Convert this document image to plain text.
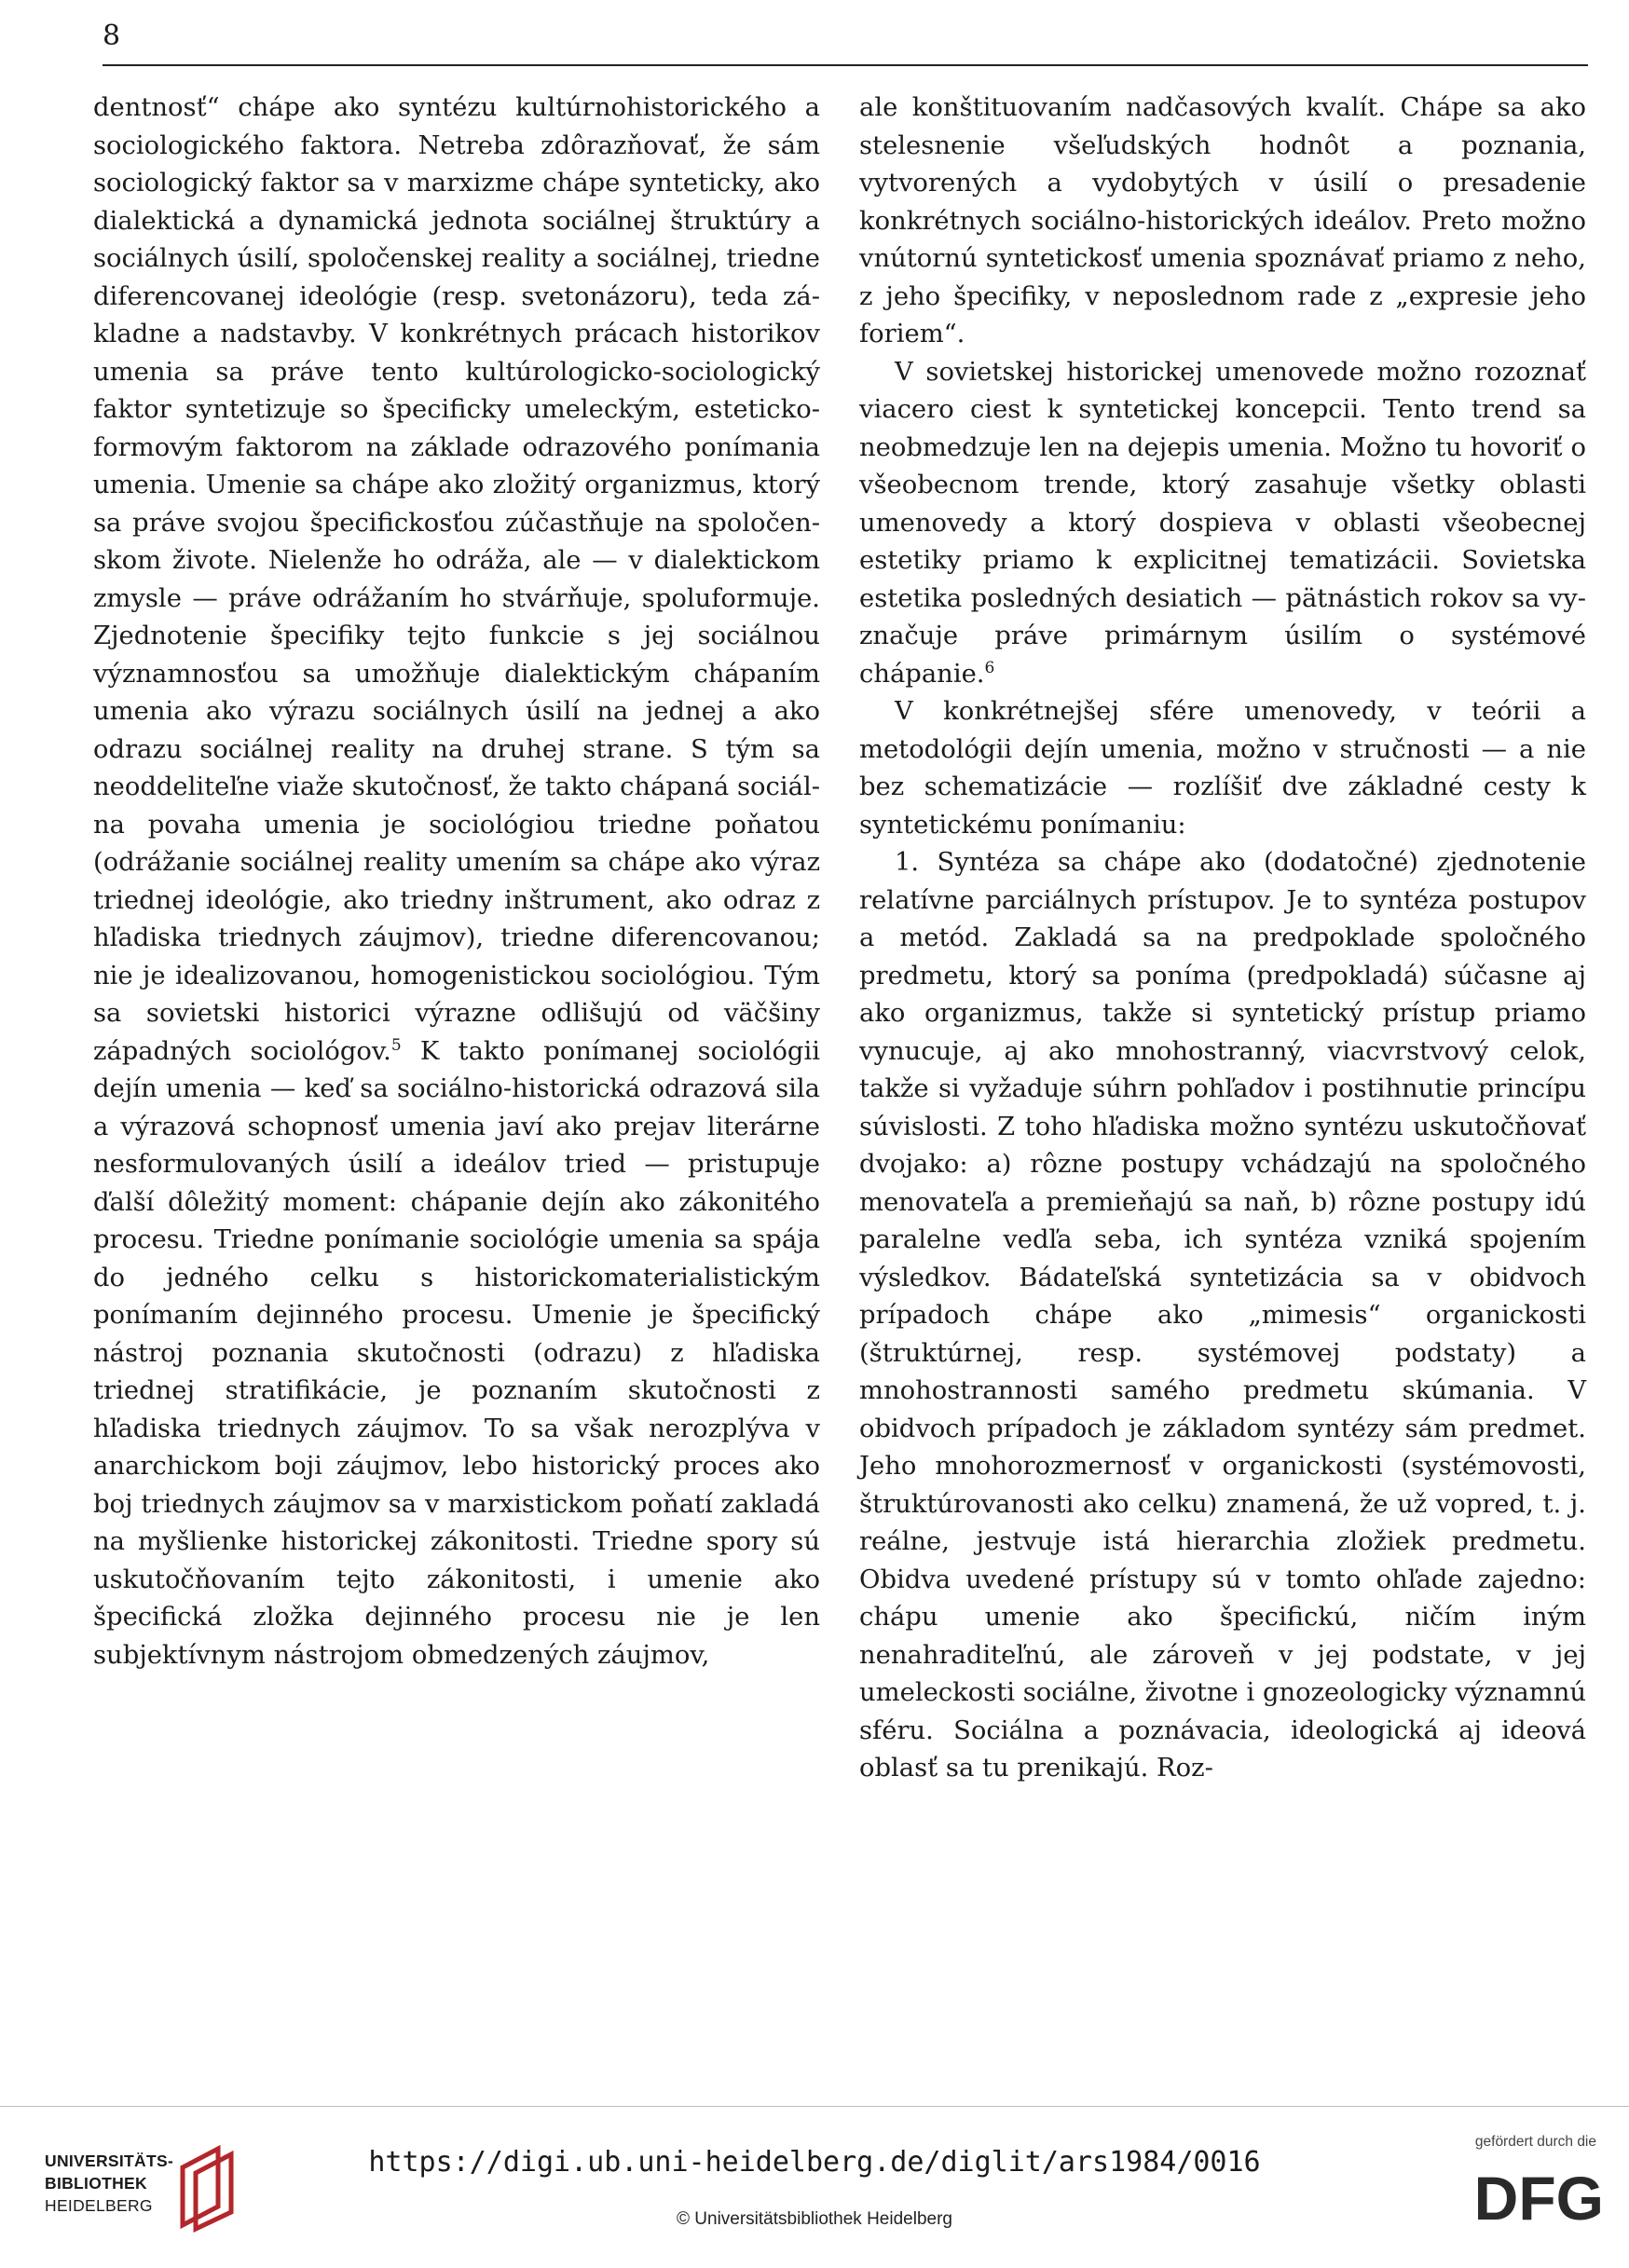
8

dentnosť“ chápe ako syntézu kultúrnohistorického a sociologického faktora. Netreba zdôrazňovať, že sám sociologický faktor sa v marxizme chápe synteticky, ako dialektická a dynamická jednota sociálnej štruktúry a sociálnych úsilí, spoločenskej reality a sociálnej, triedne diferencovanej ideológie (resp. svetonázoru), teda základne a nadstavby. V konkrétnych prácach historikov umenia sa práve tento kultúrologicko-sociologický faktor syntetizuje so špecificky umeleckým, esteticko-formovým faktorom na základe odrazového ponímania umenia. Umenie sa chápe ako zložitý organizmus, ktorý sa práve svojou špecifickosťou zúčastňuje na spoločenskom živote. Nielenže ho odráža, ale — v dialektickom zmysle — práve odrážaním ho stvárňuje, spoluformuje. Zjednotenie špecifiky tejto funkcie s jej sociálnou významnosťou sa umožňuje dialektickým chápaním umenia ako výrazu sociálnych úsilí na jednej a ako odrazu sociálnej reality na druhej strane. S tým sa neoddeliteľne viaže skutočnosť, že takto chápaná sociálna povaha umenia je sociológiou triedne poňatou (odrážanie sociálnej reality umením sa chápe ako výraz triednej ideológie, ako triedny inštrument, ako odraz z hľadiska triednych záujmov), triedne diferencovanou; nie je idealizovanou, homogenistickou sociológiou. Tým sa sovietski historici výrazne odlišujú od väčšiny západných sociológov.$^5$ K takto ponímanej sociológii dejín umenia — keď sa sociálno-historická odrazová sila a výrazová schopnosť umenia javí ako prejav literárne nesformulovaných úsilí a ideálov tried — pristupuje ďalší dôležitý moment: chápanie dejín ako zákonitého procesu. Triedne ponímanie sociológie umenia sa spája do jedného celku s historickomaterialistickým ponímaním dejinného procesu. Umenie je špecifický nástroj poznania skutočnosti (odrazu) z hľadiska triednej stratifikácie, je poznaním skutočnosti z hľadiska triednych záujmov. To sa však nerozplýva v anarchickom boji záujmov, lebo historický proces ako boj triednych záujmov sa v marxistickom poňatí zakladá na myšlienke historickej zákonitosti. Triedne spory sú uskutočňovaním tejto zákonitosti, i umenie ako špecifická zložka dejinného procesu nie je len subjektívnym nástrojom obmedzených záujmov,

ale konštituovaním nadčasových kvalít. Chápe sa ako stelesnenie všeľudských hodnôt a poznania, vytvorených a vydobytých v úsilí o presadenie konkrétnych sociálno-historických ideálov. Preto možno vnútornú syntetickosť umenia spoznávať priamo z neho, z jeho špecifiky, v neposlednom rade z „expresie jeho foriem“.

V sovietskej historickej umenovede možno rozoznať viacero ciest k syntetickej koncepcii. Tento trend sa neobmedzuje len na dejepis umenia. Možno tu hovoriť o všeobecnom trende, ktorý zasahuje všetky oblasti umenovedy a ktorý dospieva v oblasti všeobecnej estetiky priamo k explicitnej tematizácii. Sovietska estetika posledných desiatich — pätnástich rokov sa vyznačuje práve primárnym úsilím o systémové chápanie.$^6$

V konkrétnejšej sfére umenovedy, v teórii a metodológii dejín umenia, možno v stručnosti — a nie bez schematizácie — rozlíšiť dve základné cesty k syntetickému ponímaniu:

1. Syntéza sa chápe ako (dodatočné) zjednotenie relatívne parciálnych prístupov. Je to syntéza postupov a metód. Zakladá sa na predpoklade spoločného predmetu, ktorý sa poníma (predpokladá) súčasne aj ako organizmus, takže si syntetický prístup priamo vynucuje, aj ako mnohostranný, viacvrstvový celok, takže si vyžaduje súhrn pohľadov i postihnutie princípu súvislosti. Z toho hľadiska možno syntézu uskutočňovať dvojako: a) rôzne postupy vchádzajú na spoločného menovateľa a premieňajú sa naň, b) rôzne postupy idú paralelne vedľa seba, ich syntéza vzniká spojením výsledkov. Bádateľská syntetizácia sa v obidvoch prípadoch chápe ako „mimesis“ organickosti (štruktúrnej, resp. systémovej podstaty) a mnohostrannosti samého predmetu skúmania. V obidvoch prípadoch je základom syntézy sám predmet. Jeho mnohorozmernosť v organickosti (systémovosti, štruktúrovanosti ako celku) znamená, že už vopred, t. j. reálne, jestvuje istá hierarchia zložiek predmetu. Obidva uvedené prístupy sú v tomto ohľade zajedno: chápu umenie ako špecifickú, ničím iným nenahraditeľnú, ale zároveň v jej podstate, v jej umeleckosti sociálne, životne i gnozeologicky významnú sféru. Sociálna a poznávacia, ideologická aj ideová oblasť sa tu prenikajú. Roz-

UNIVERSITÄTS-
BIBLIOTHEK
HEIDELBERG
https://digi.ub.uni-heidelberg.de/diglit/ars1984/0016
© Universitätsbibliothek Heidelberg
gefördert durch die
DFG
